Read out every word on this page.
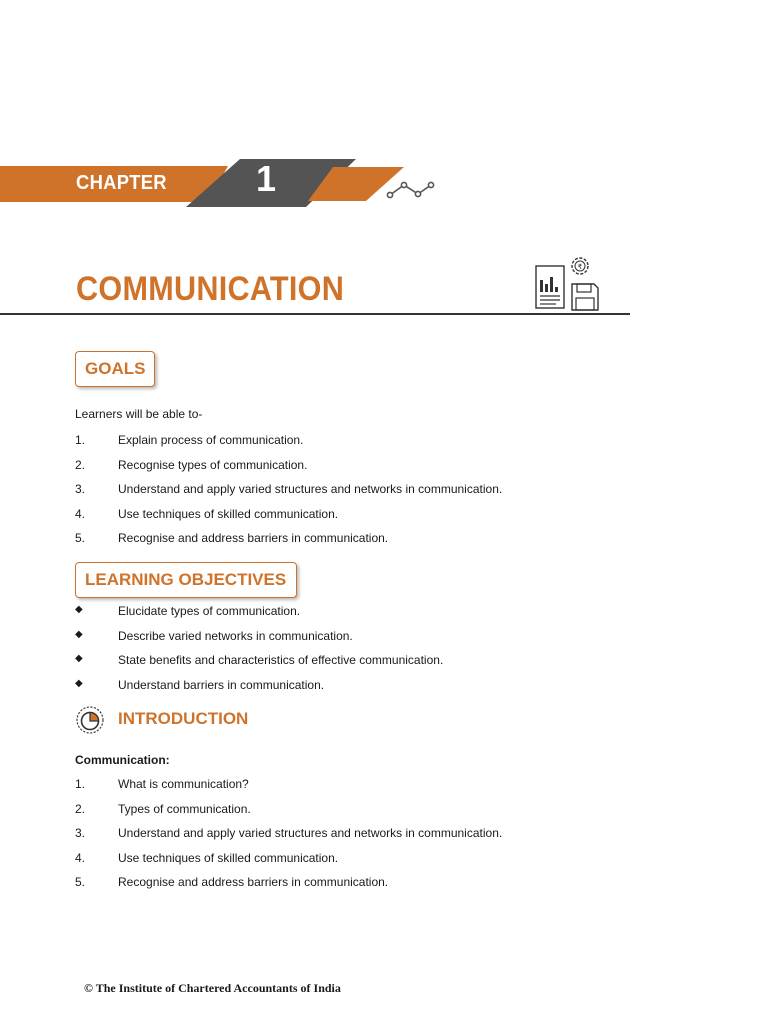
CHAPTER 1
COMMUNICATION
₹
GOALS
Learners will be able to-
1.	Explain process of communication.
2.	Recognise types of communication.
3.	Understand and apply varied structures and networks in communication.
4.	Use techniques of skilled communication.
5.	Recognise and address barriers in communication.
LEARNING OBJECTIVES
◆	Elucidate types of communication.
◆	Describe varied networks in communication.
◆	State benefits and characteristics of effective communication.
◆	Understand barriers in communication.
INTRODUCTION
Communication:
1.	What is communication?
2.	Types of communication.
3.	Understand and apply varied structures and networks in communication.
4.	Use techniques of skilled communication.
5.	Recognise and address barriers in communication.
© The Institute of Chartered Accountants of India
